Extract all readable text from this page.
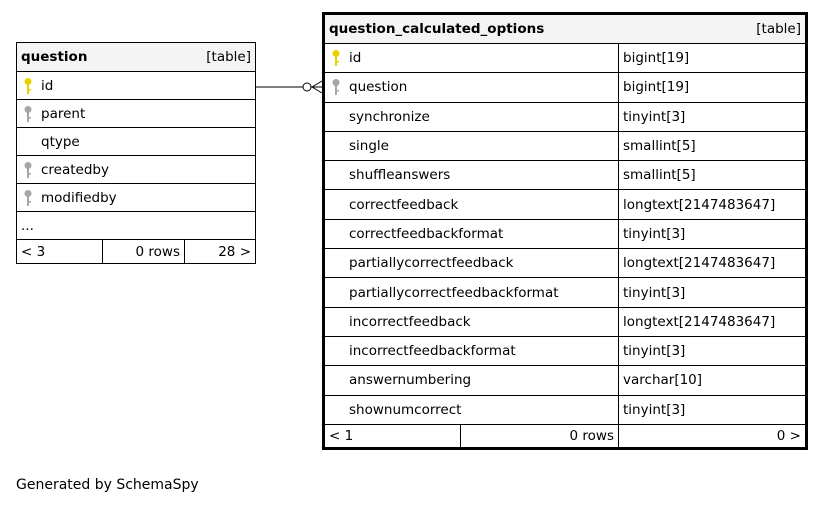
question	[table]

id

parent
qtype

createdby

modifiedby
...
< 3	0 rows	28 >
question_calculated_options [table]		

id		bigint[19]

question		bigint[19]
synchronize		tinyint[3]
single		smallint[5]
shuffleanswers		smallint[5]
correctfeedback		longtext[2147483647]
correctfeedbackformat		tinyint[3]
partiallycorrectfeedback		longtext[2147483647]
partiallycorrectfeedbackformat		tinyint[3]
incorrectfeedback		longtext[2147483647]
incorrectfeedbackformat		tinyint[3]
answernumbering		varchar[10]
shownumcorrect		tinyint[3]
< 1	0 rows	0 >
Generated by SchemaSpy
